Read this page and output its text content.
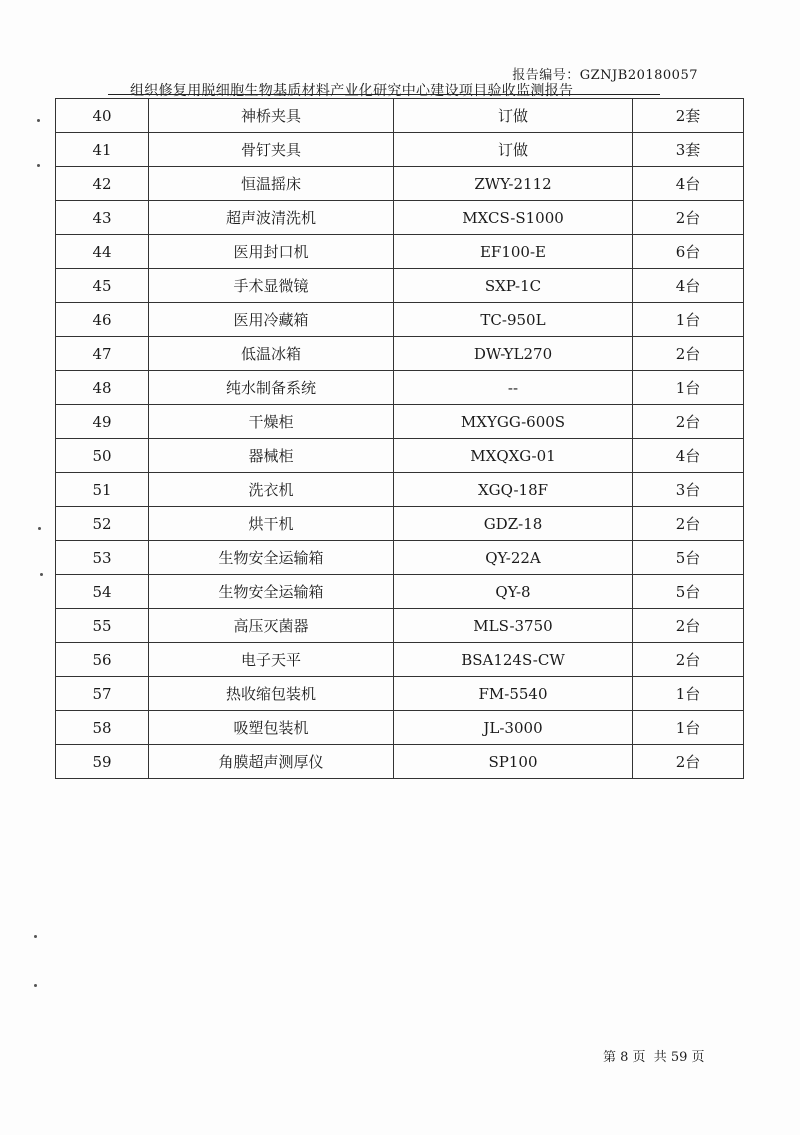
报告编号：GZNJB20180057
组织修复用脱细胞生物基质材料产业化研究中心建设项目验收监测报告
40	神桥夹具	订做	2套
41	骨钉夹具	订做	3套
42	恒温摇床	ZWY-2112	4台
43	超声波清洗机	MXCS-S1000	2台
44	医用封口机	EF100-E	6台
45	手术显微镜	SXP-1C	4台
46	医用冷藏箱	TC-950L	1台
47	低温冰箱	DW-YL270	2台
48	纯水制备系统	--	1台
49	干燥柜	MXYGG-600S	2台
50	器械柜	MXQXG-01	4台
51	洗衣机	XGQ-18F	3台
52	烘干机	GDZ-18	2台
53	生物安全运输箱	QY-22A	5台
54	生物安全运输箱	QY-8	5台
55	高压灭菌器	MLS-3750	2台
56	电子天平	BSA124S-CW	2台
57	热收缩包装机	FM-5540	1台
58	吸塑包装机	JL-3000	1台
59	角膜超声测厚仪	SP100	2台
第 8 页 共 59 页
